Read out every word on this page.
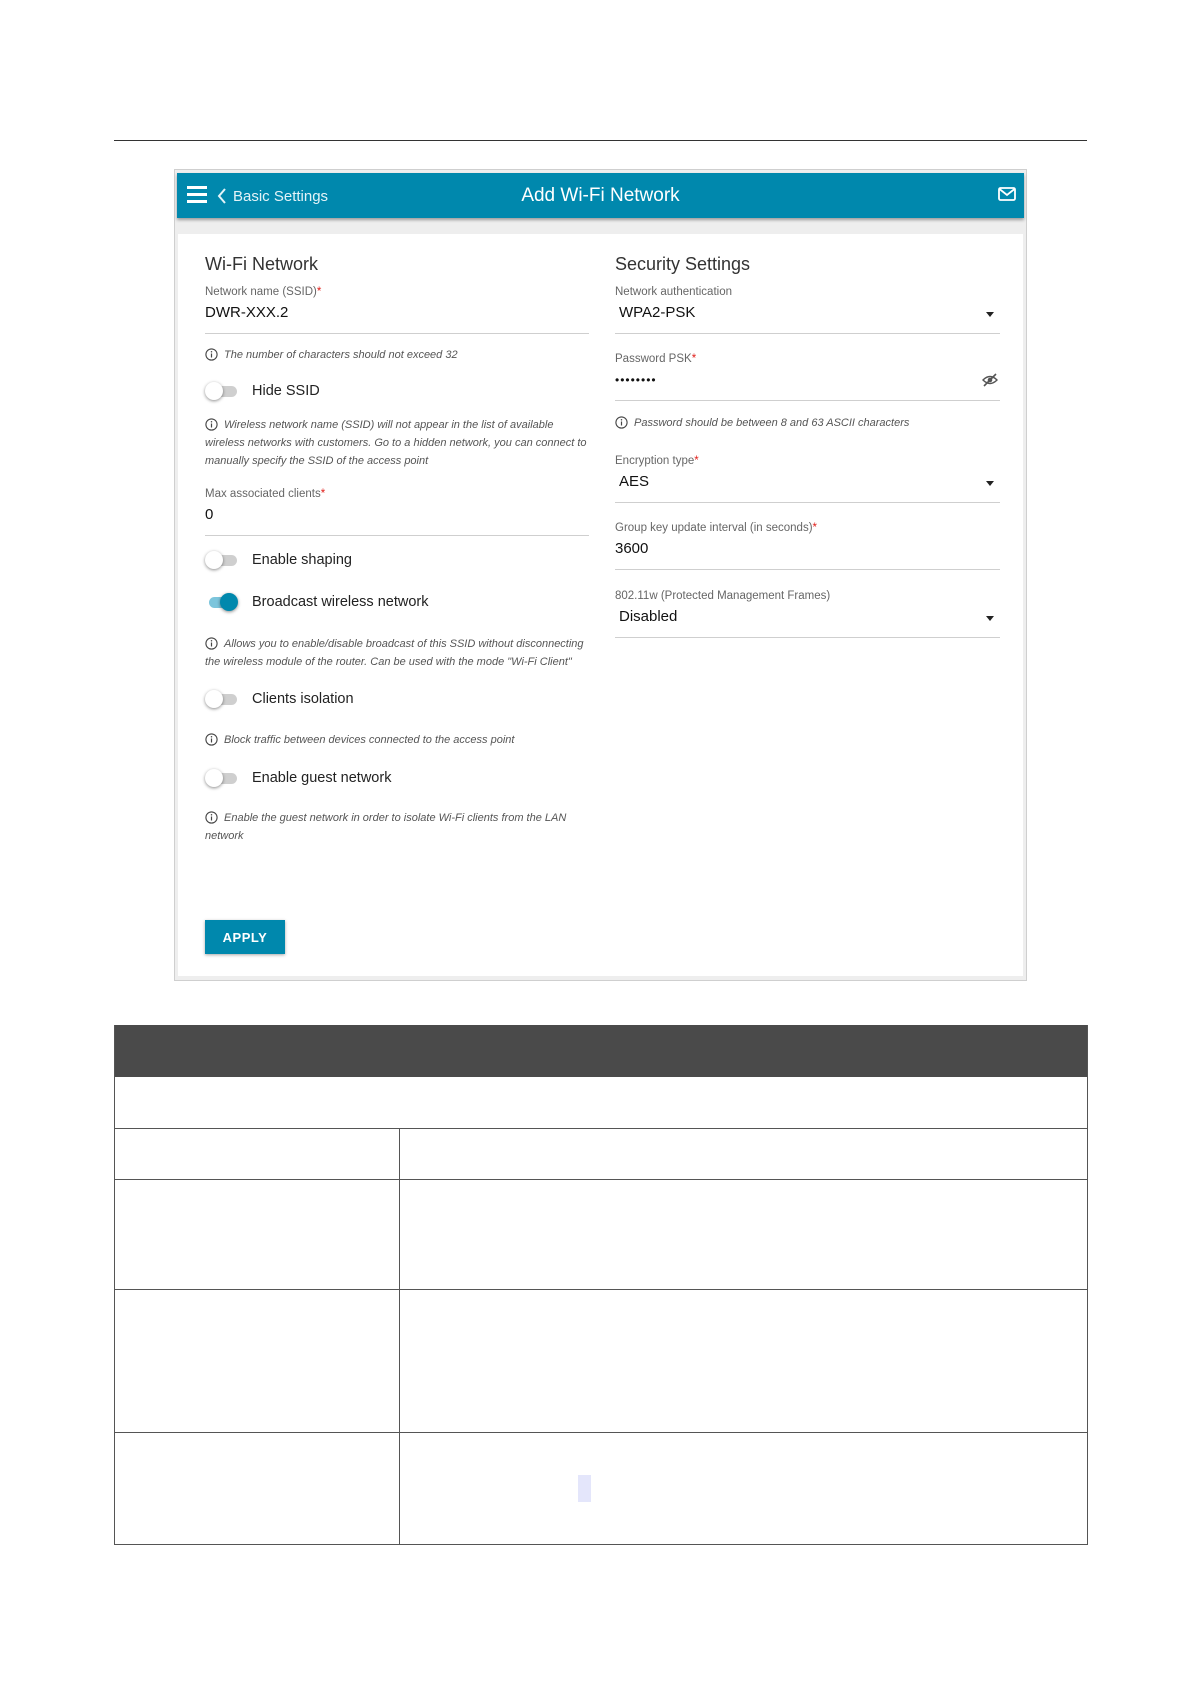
Basic Settings	Add Wi-Fi Network
Wi-Fi Network
Network name (SSID)*
DWR-XXX.2
The number of characters should not exceed 32
Hide SSID
Wireless network name (SSID) will not appear in the list of available wireless networks with customers. Go to a hidden network, you can connect to manually specify the SSID of the access point
Max associated clients*
0
Enable shaping
Broadcast wireless network
Allows you to enable/disable broadcast of this SSID without disconnecting the wireless module of the router. Can be used with the mode "Wi-Fi Client"
Clients isolation
Block traffic between devices connected to the access point
Enable guest network
Enable the guest network in order to isolate Wi-Fi clients from the LAN network
Security Settings
Network authentication
WPA2-PSK
Password PSK*
••••••••
Password should be between 8 and 63 ASCII characters
Encryption type*
AES
Group key update interval (in seconds)*
3600
802.11w (Protected Management Frames)
Disabled
APPLY
